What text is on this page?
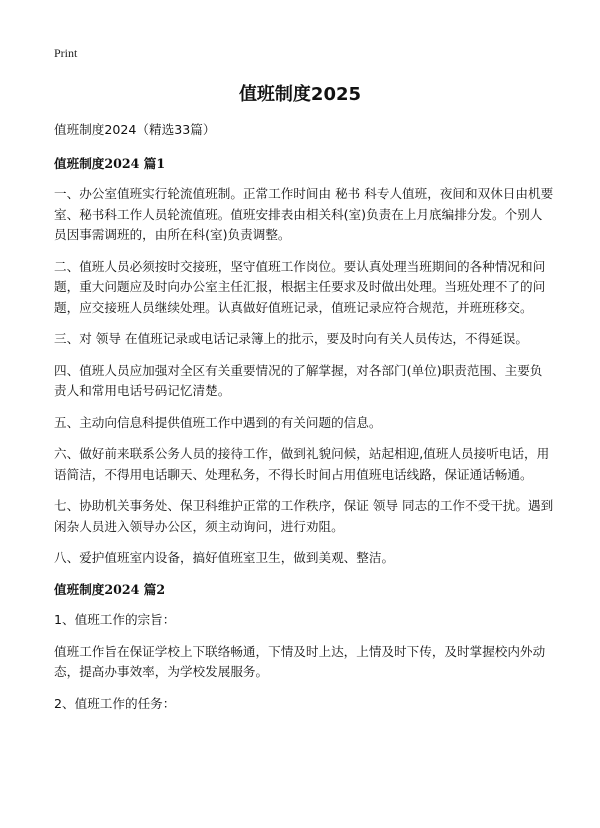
Print
值班制度2025

值班制度2024（精选33篇）

值班制度2024 篇1

一、办公室值班实行轮流值班制。正常工作时间由 秘书 科专人值班，夜间和双休日由机要室、秘书科工作人员轮流值班。值班安排表由相关科(室)负责在上月底编排分发。个别人员因事需调班的，由所在科(室)负责调整。

二、值班人员必须按时交接班，坚守值班工作岗位。要认真处理当班期间的各种情况和问题，重大问题应及时向办公室主任汇报，根据主任要求及时做出处理。当班处理不了的问题，应交接班人员继续处理。认真做好值班记录，值班记录应符合规范，并班班移交。

三、对 领导 在值班记录或电话记录簿上的批示，要及时向有关人员传达，不得延误。

四、值班人员应加强对全区有关重要情况的了解掌握，对各部门(单位)职责范围、主要负责人和常用电话号码记忆清楚。

五、主动向信息科提供值班工作中遇到的有关问题的信息。

六、做好前来联系公务人员的接待工作，做到礼貌问候，站起相迎,值班人员接听电话，用语简洁，不得用电话聊天、处理私务，不得长时间占用值班电话线路，保证通话畅通。

七、协助机关事务处、保卫科维护正常的工作秩序，保证 领导 同志的工作不受干扰。遇到闲杂人员进入领导办公区，须主动询问，进行劝阻。

八、爱护值班室内设备，搞好值班室卫生，做到美观、整洁。

值班制度2024 篇2

1、值班工作的宗旨：

值班工作旨在保证学校上下联络畅通，下情及时上达，上情及时下传，及时掌握校内外动态，提高办事效率，为学校发展服务。

2、值班工作的任务：
